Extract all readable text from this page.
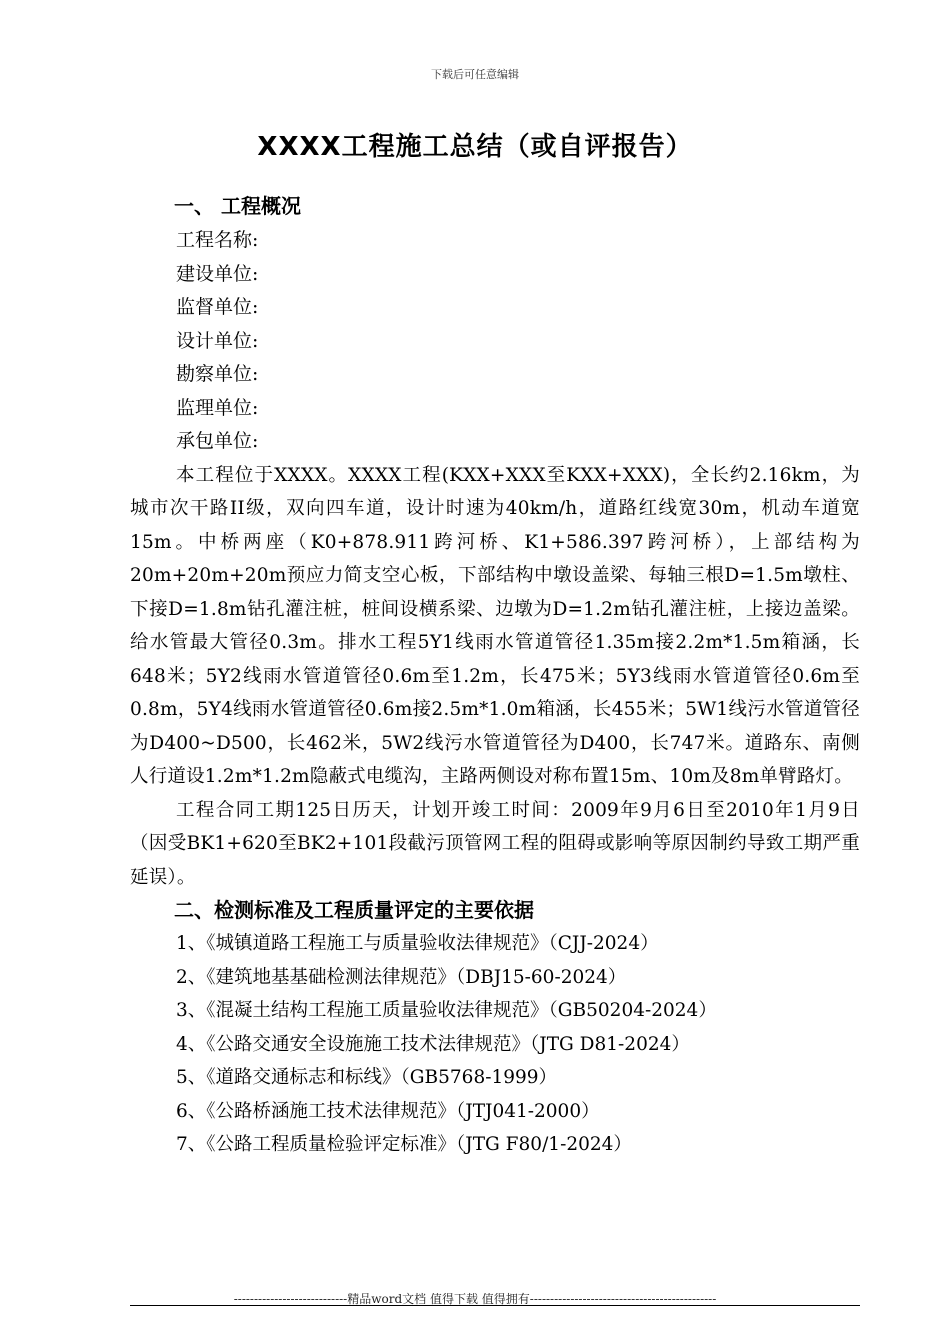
下载后可任意编辑
XXXX工程施工总结（或自评报告）

一、 工程概况

工程名称:

建设单位:

监督单位:

设计单位:

勘察单位:

监理单位:

承包单位:

本工程位于XXXX。XXXX工程(KXX+XXX至KXX+XXX)，全长约2.16km，为城市次干路II级，双向四车道，设计时速为40km/h，道路红线宽30m，机动车道宽15m。中桥两座（K0+878.911跨河桥、K1+586.397跨河桥），上部结构为20m+20m+20m预应力简支空心板，下部结构中墩设盖梁、每轴三根D=1.5m墩柱、下接D=1.8m钻孔灌注桩，桩间设横系梁、边墩为D=1.2m钻孔灌注桩，上接边盖梁。给水管最大管径0.3m。排水工程5Y1线雨水管道管径1.35m接2.2m*1.5m箱涵，长648米；5Y2线雨水管道管径0.6m至1.2m，长475米；5Y3线雨水管道管径0.6m至0.8m，5Y4线雨水管道管径0.6m接2.5m*1.0m箱涵，长455米；5W1线污水管道管径为D400~D500，长462米，5W2线污水管道管径为D400，长747米。道路东、南侧人行道设1.2m*1.2m隐蔽式电缆沟，主路两侧设对称布置15m、10m及8m单臂路灯。

工程合同工期125日历天，计划开竣工时间：2009年9月6日至2010年1月9日（因受BK1+620至BK2+101段截污顶管网工程的阻碍或影响等原因制约导致工期严重延误）。

二、检测标准及工程质量评定的主要依据

1、《城镇道路工程施工与质量验收法律规范》（CJJ-2024）

2、《建筑地基基础检测法律规范》（DBJ15-60-2024）

3、《混凝土结构工程施工质量验收法律规范》（GB50204-2024）

4、《公路交通安全设施施工技术法律规范》（JTG D81-2024）

5、《道路交通标志和标线》（GB5768-1999）

6、《公路桥涵施工技术法律规范》（JTJ041-2000）

7、《公路工程质量检验评定标准》（JTG F80/1-2024）

----------------------------精品word文档 值得下载 值得拥有----------------------------------------------
